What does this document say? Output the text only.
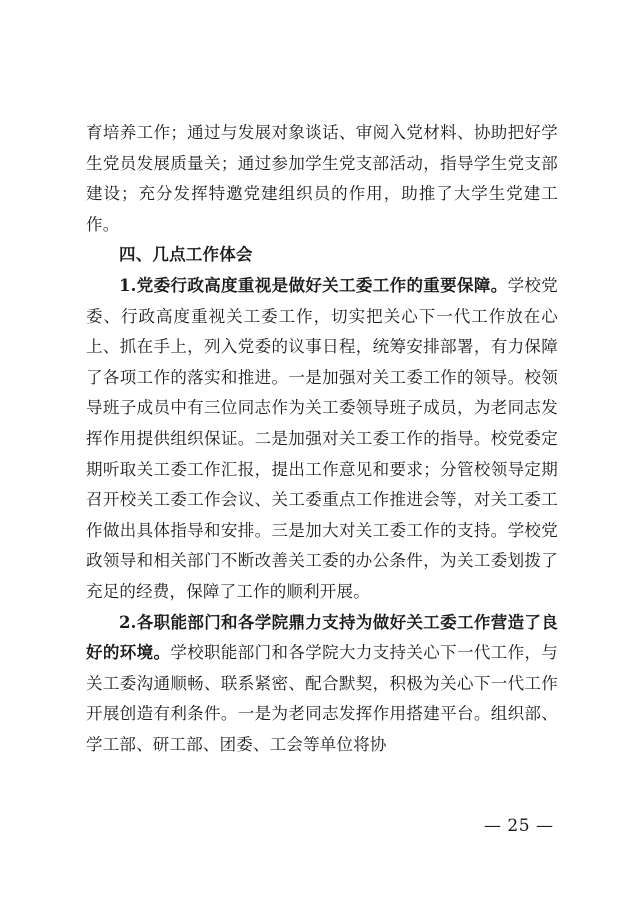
育培养工作；通过与发展对象谈话、审阅入党材料、协助把好学生党员发展质量关；通过参加学生党支部活动，指导学生党支部建设；充分发挥特邀党建组织员的作用，助推了大学生党建工作。

四、几点工作体会

1.党委行政高度重视是做好关工委工作的重要保障。学校党委、行政高度重视关工委工作，切实把关心下一代工作放在心上、抓在手上，列入党委的议事日程，统筹安排部署，有力保障了各项工作的落实和推进。一是加强对关工委工作的领导。校领导班子成员中有三位同志作为关工委领导班子成员，为老同志发挥作用提供组织保证。二是加强对关工委工作的指导。校党委定期听取关工委工作汇报，提出工作意见和要求；分管校领导定期召开校关工委工作会议、关工委重点工作推进会等，对关工委工作做出具体指导和安排。三是加大对关工委工作的支持。学校党政领导和相关部门不断改善关工委的办公条件，为关工委划拨了充足的经费，保障了工作的顺利开展。

2.各职能部门和各学院鼎力支持为做好关工委工作营造了良好的环境。学校职能部门和各学院大力支持关心下一代工作，与关工委沟通顺畅、联系紧密、配合默契，积极为关心下一代工作开展创造有利条件。一是为老同志发挥作用搭建平台。组织部、学工部、研工部、团委、工会等单位将协

— 25 —
